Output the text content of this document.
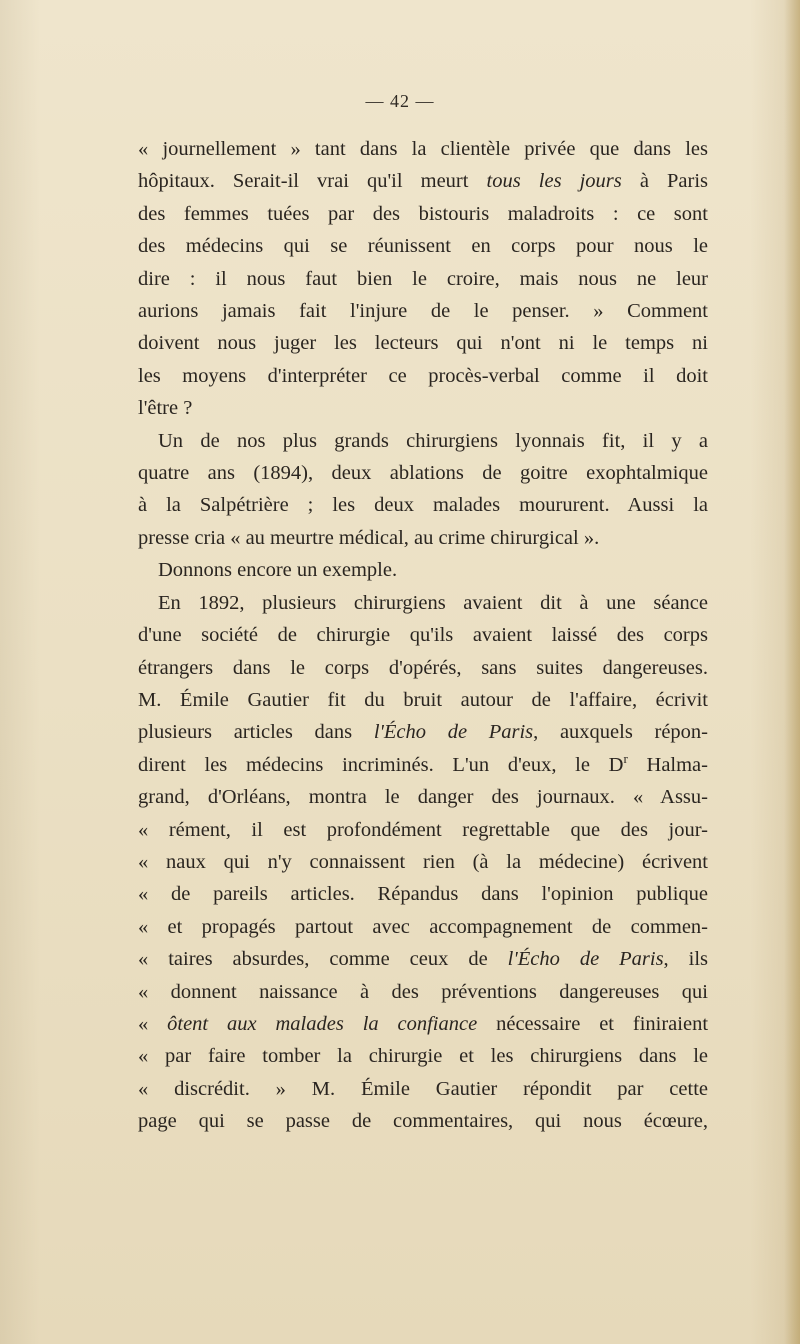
— 42 —
« journellement » tant dans la clientèle privée que dans les
hôpitaux. Serait-il vrai qu'il meurt tous les jours à Paris
des femmes tuées par des bistouris maladroits : ce sont
des médecins qui se réunissent en corps pour nous le
dire : il nous faut bien le croire, mais nous ne leur
aurions jamais fait l'injure de le penser. » Comment
doivent nous juger les lecteurs qui n'ont ni le temps ni
les moyens d'interpréter ce procès-verbal comme il doit
l'être ?
Un de nos plus grands chirurgiens lyonnais fit, il y a
quatre ans (1894), deux ablations de goitre exophtalmique
à la Salpétrière ; les deux malades moururent. Aussi la
presse cria « au meurtre médical, au crime chirurgical ».
Donnons encore un exemple.
En 1892, plusieurs chirurgiens avaient dit à une séance
d'une société de chirurgie qu'ils avaient laissé des corps
étrangers dans le corps d'opérés, sans suites dangereuses.
M. Émile Gautier fit du bruit autour de l'affaire, écrivit
plusieurs articles dans l'Écho de Paris, auxquels répon-
dirent les médecins incriminés. L'un d'eux, le $D^r$ Halma-
grand, d'Orléans, montra le danger des journaux. « Assu-
« rément, il est profondément regrettable que des jour-
« naux qui n'y connaissent rien (à la médecine) écrivent
« de pareils articles. Répandus dans l'opinion publique
« et propagés partout avec accompagnement de commen-
« taires absurdes, comme ceux de l'Écho de Paris, ils
« donnent naissance à des préventions dangereuses qui
« ôtent aux malades la confiance nécessaire et finiraient
« par faire tomber la chirurgie et les chirurgiens dans le
« discrédit. » M. Émile Gautier répondit par cette
page qui se passe de commentaires, qui nous écœure,
